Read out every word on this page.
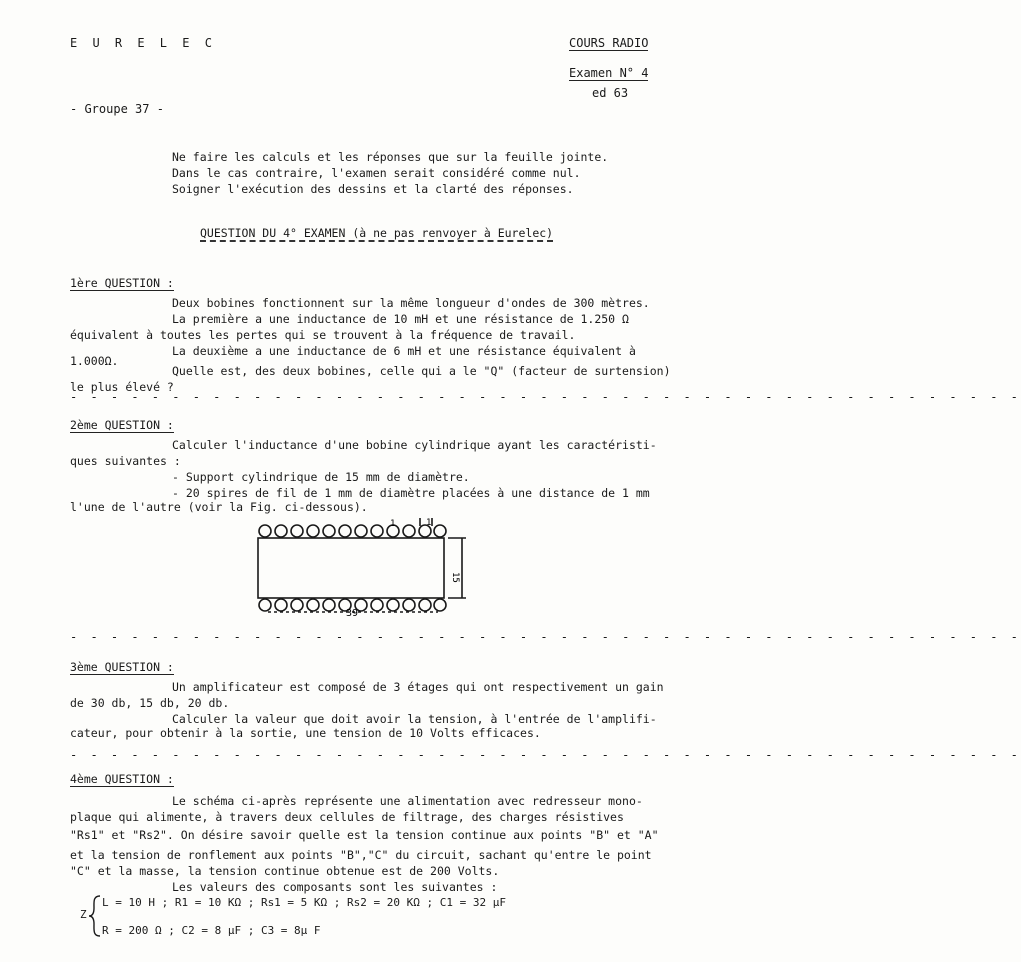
E U R E L E C	COURS RADIO
Examen N° 4
ed 63
- Groupe 37 -
Ne faire les calculs et les réponses que sur la feuille jointe.
Dans le cas contraire, l'examen serait considéré comme nul.
Soigner l'exécution des dessins et la clarté des réponses.
QUESTION DU 4° EXAMEN (à ne pas renvoyer à Eurelec)
1ère QUESTION :
Deux bobines fonctionnent sur la même longueur d'ondes de 300 mètres.
La première a une inductance de 10 mH et une résistance de 1.250 Ω
équivalent à toutes les pertes qui se trouvent à la fréquence de travail.
La deuxième a une inductance de 6 mH et une résistance équivalent à
1.000Ω.
Quelle est, des deux bobines, celle qui a le "Q" (facteur de surtension)
le plus élevé ?
- - - - - - - - - - - - - - - - - - - - - - - - - - - - - - - - - - - - - - - - - - - - - - -
2ème QUESTION :
Calculer l'inductance d'une bobine cylindrique ayant les caractéristi-
ques suivantes :
- Support cylindrique de 15 mm de diamètre.
- 20 spires de fil de 1 mm de diamètre placées à une distance de 1 mm
l'une de l'autre (voir la Fig. ci-dessous).
1	1
15
39
- - - - - - - - - - - - - - - - - - - - - - - - - - - - - - - - - - - - - - - - - - - - - - -
3ème QUESTION :
Un amplificateur est composé de 3 étages qui ont respectivement un gain
de 30 db, 15 db, 20 db.
Calculer la valeur que doit avoir la tension, à l'entrée de l'amplifi-
cateur, pour obtenir à la sortie, une tension de 10 Volts efficaces.
- - - - - - - - - - - - - - - - - - - - - - - - - - - - - - - - - - - - - - - - - - - - - - -
4ème QUESTION :
Le schéma ci-après représente une alimentation avec redresseur mono-
plaque qui alimente, à travers deux cellules de filtrage, des charges résistives
"Rs1" et "Rs2". On désire savoir quelle est la tension continue aux points "B" et "A"
et la tension de ronflement aux points "B","C" du circuit, sachant qu'entre le point
"C" et la masse, la tension continue obtenue est de 200 Volts.
Les valeurs des composants sont les suivantes :
Z
L = 10 H ; R1 = 10 KΩ ; Rs1 = 5 KΩ ; Rs2 = 20 KΩ ; C1 = 32 µF
R = 200 Ω ; C2 = 8 µF ; C3 = 8µ F
